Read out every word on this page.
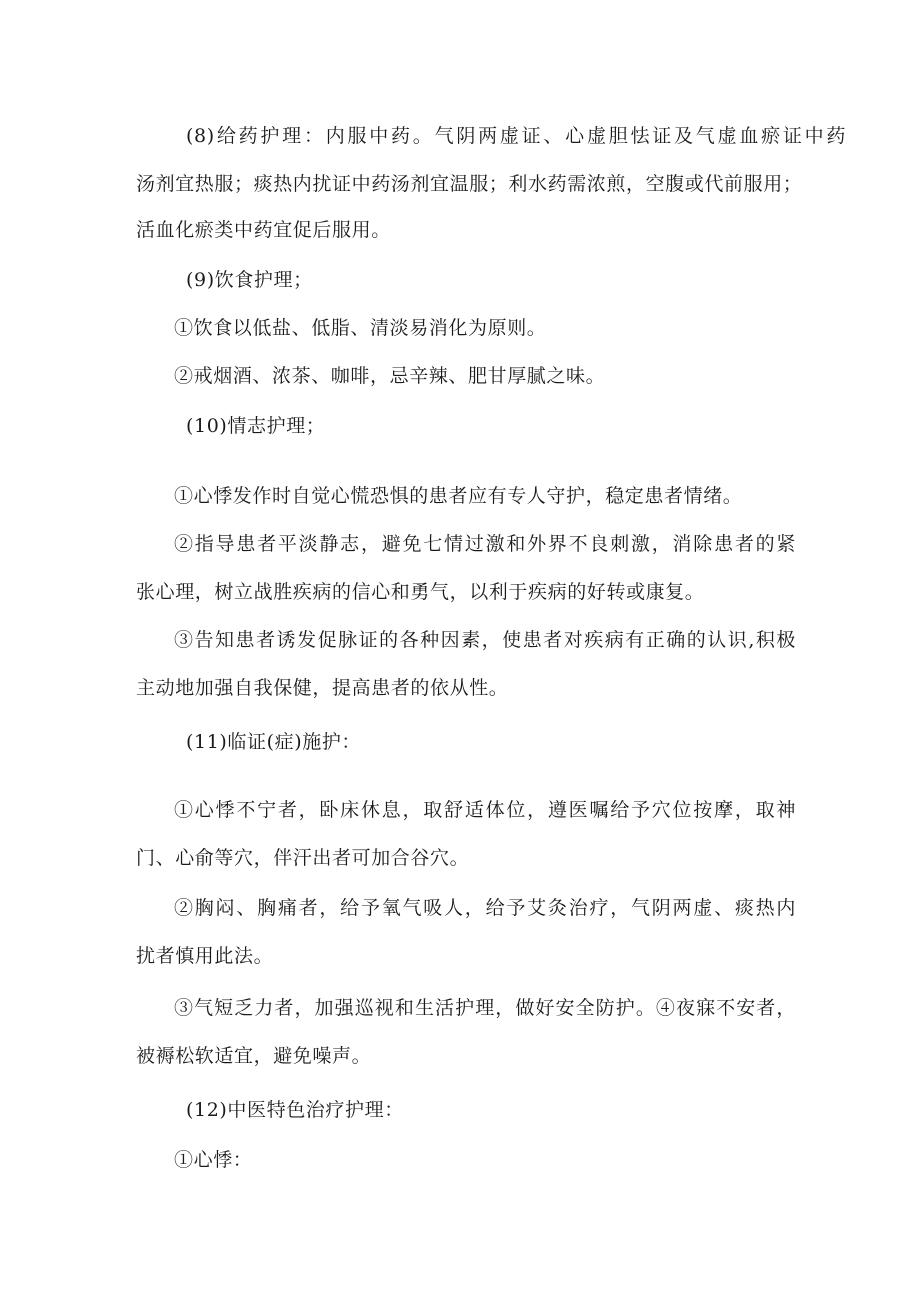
(8)给药护理：内服中药。气阴两虚证、心虚胆怯证及气虚血瘀证中药
汤剂宜热服；痰热内扰证中药汤剂宜温服；利水药需浓煎，空腹或代前服用；
活血化瘀类中药宜促后服用。
(9)饮食护理；
①饮食以低盐、低脂、清淡易消化为原则。
②戒烟酒、浓茶、咖啡，忌辛辣、肥甘厚腻之味。
(10)情志护理；
①心悸发作时自觉心慌恐惧的患者应有专人守护，稳定患者情绪。
②指导患者平淡静志，避免七情过激和外界不良刺激，消除患者的紧
张心理，树立战胜疾病的信心和勇气，以利于疾病的好转或康复。
③告知患者诱发促脉证的各种因素，使患者对疾病有正确的认识,积极
主动地加强自我保健，提高患者的依从性。
(11)临证(症)施护：
①心悸不宁者，卧床休息，取舒适体位，遵医嘱给予穴位按摩，取神
门、心俞等穴，伴汗出者可加合谷穴。
②胸闷、胸痛者，给予氧气吸人，给予艾灸治疗，气阴两虚、痰热内
扰者慎用此法。
③气短乏力者，加强巡视和生活护理，做好安全防护。④夜寐不安者，
被褥松软适宜，避免噪声。
(12)中医特色治疗护理：
①心悸：
